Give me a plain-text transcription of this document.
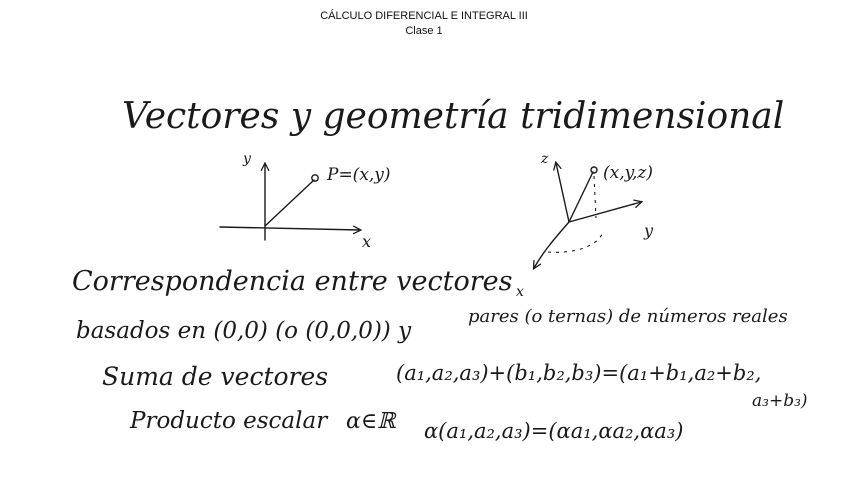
CÁLCULO DIFERENCIAL E INTEGRAL III
Clase 1
Vectores y geometría tridimensional
y
x
P=(x,y)
z
y
x
(x,y,z)
Correspondencia entre vectores
basados en (0,0) (o (0,0,0)) y
pares (o ternas) de números reales
Suma de vectores	(a₁,a₂,a₃)+(b₁,b₂,b₃)=(a₁+b₁,a₂+b₂,
a₃+b₃)
Producto escalar α∈ℝ α(a₁,a₂,a₃)=(αa₁,αa₂,αa₃)
